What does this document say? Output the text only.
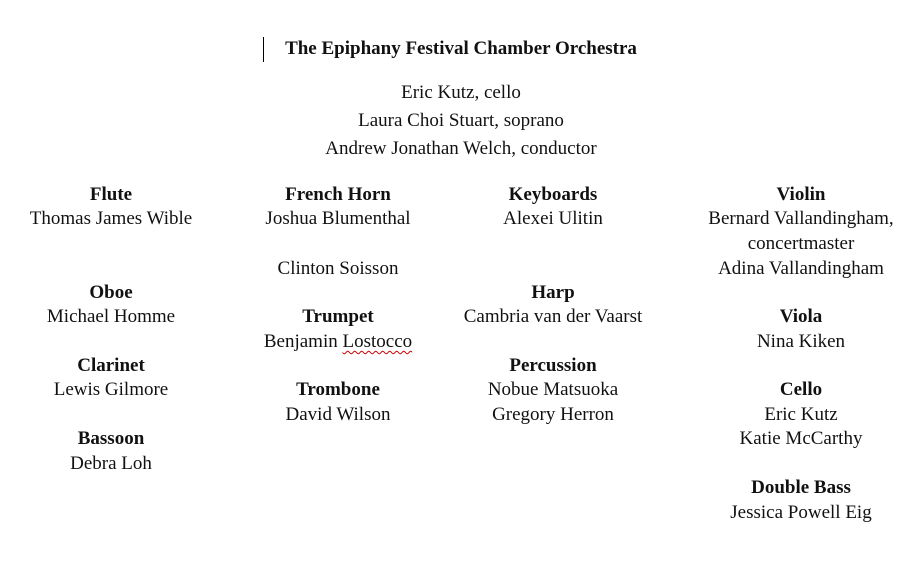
The Epiphany Festival Chamber Orchestra
Eric Kutz, cello
Laura Choi Stuart, soprano
Andrew Jonathan Welch, conductor
Flute
Thomas James Wible
Oboe
Michael Homme
Clarinet
Lewis Gilmore
Bassoon
Debra Loh
French Horn
Joshua Blumenthal
Clinton Soisson
Trumpet
Benjamin Lostocco
Trombone
David Wilson
Keyboards
Alexei Ulitin
Harp
Cambria van der Vaarst
Percussion
Nobue Matsuoka
Gregory Herron
Violin
Bernard Vallandingham,
concertmaster
Adina Vallandingham
Viola
Nina Kiken
Cello
Eric Kutz
Katie McCarthy
Double Bass
Jessica Powell Eig
